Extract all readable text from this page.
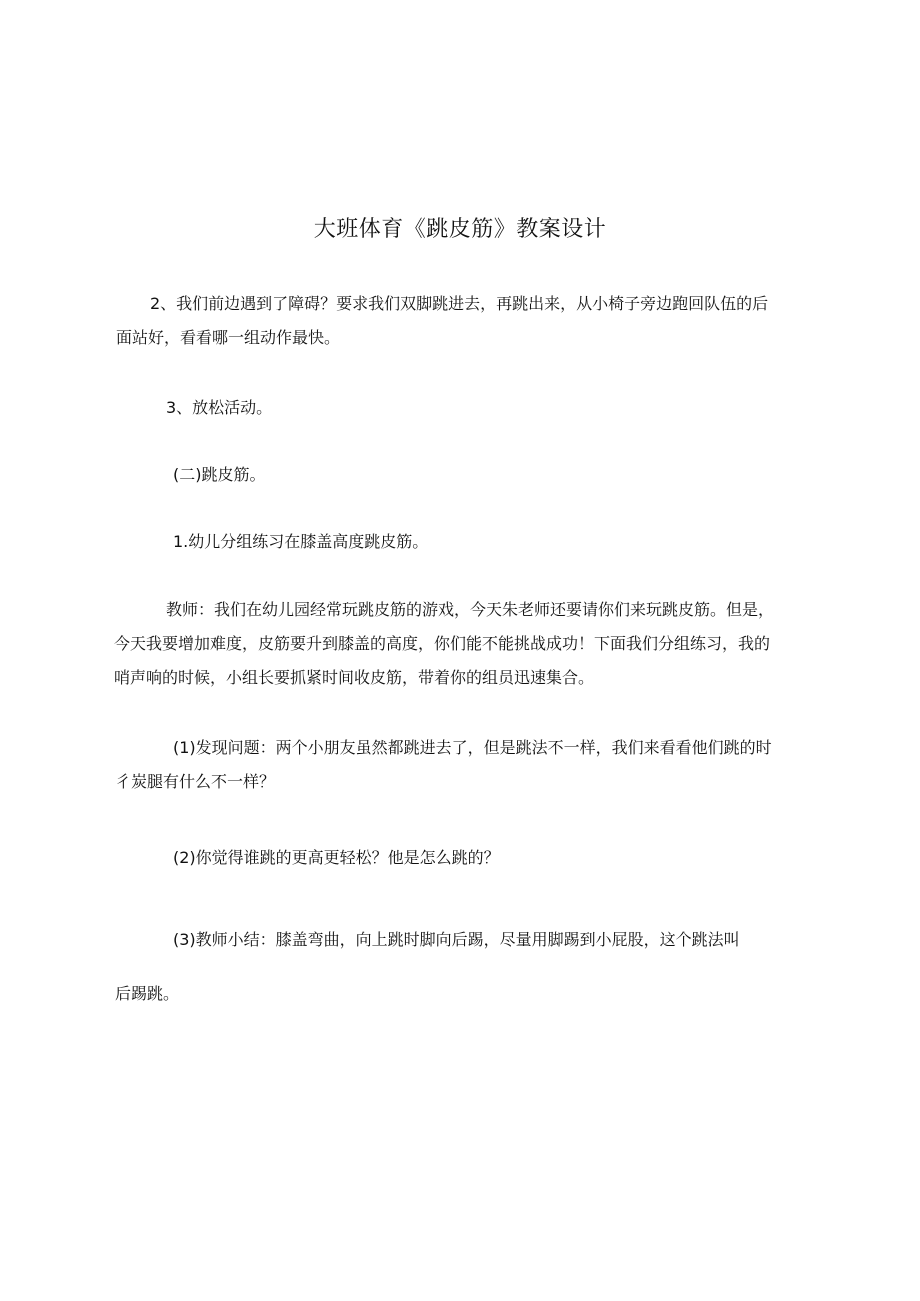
大班体育《跳皮筋》教案设计
2、我们前边遇到了障碍？要求我们双脚跳进去，再跳出来，从小椅子旁边跑回队伍的后
面站好，看看哪一组动作最快。
3、放松活动。
(二)跳皮筋。
1.幼儿分组练习在膝盖高度跳皮筋。
教师：我们在幼儿园经常玩跳皮筋的游戏，今天朱老师还要请你们来玩跳皮筋。但是，
今天我要增加难度，皮筋要升到膝盖的高度，你们能不能挑战成功！下面我们分组练习，我的
哨声响的时候，小组长要抓紧时间收皮筋，带着你的组员迅速集合。
(1)发现问题：两个小朋友虽然都跳进去了，但是跳法不一样，我们来看看他们跳的时
彳炭腿有什么不一样？
(2)你觉得谁跳的更高更轻松？他是怎么跳的？
(3)教师小结：膝盖弯曲，向上跳时脚向后踢，尽量用脚踢到小屁股，这个跳法叫
后踢跳。
